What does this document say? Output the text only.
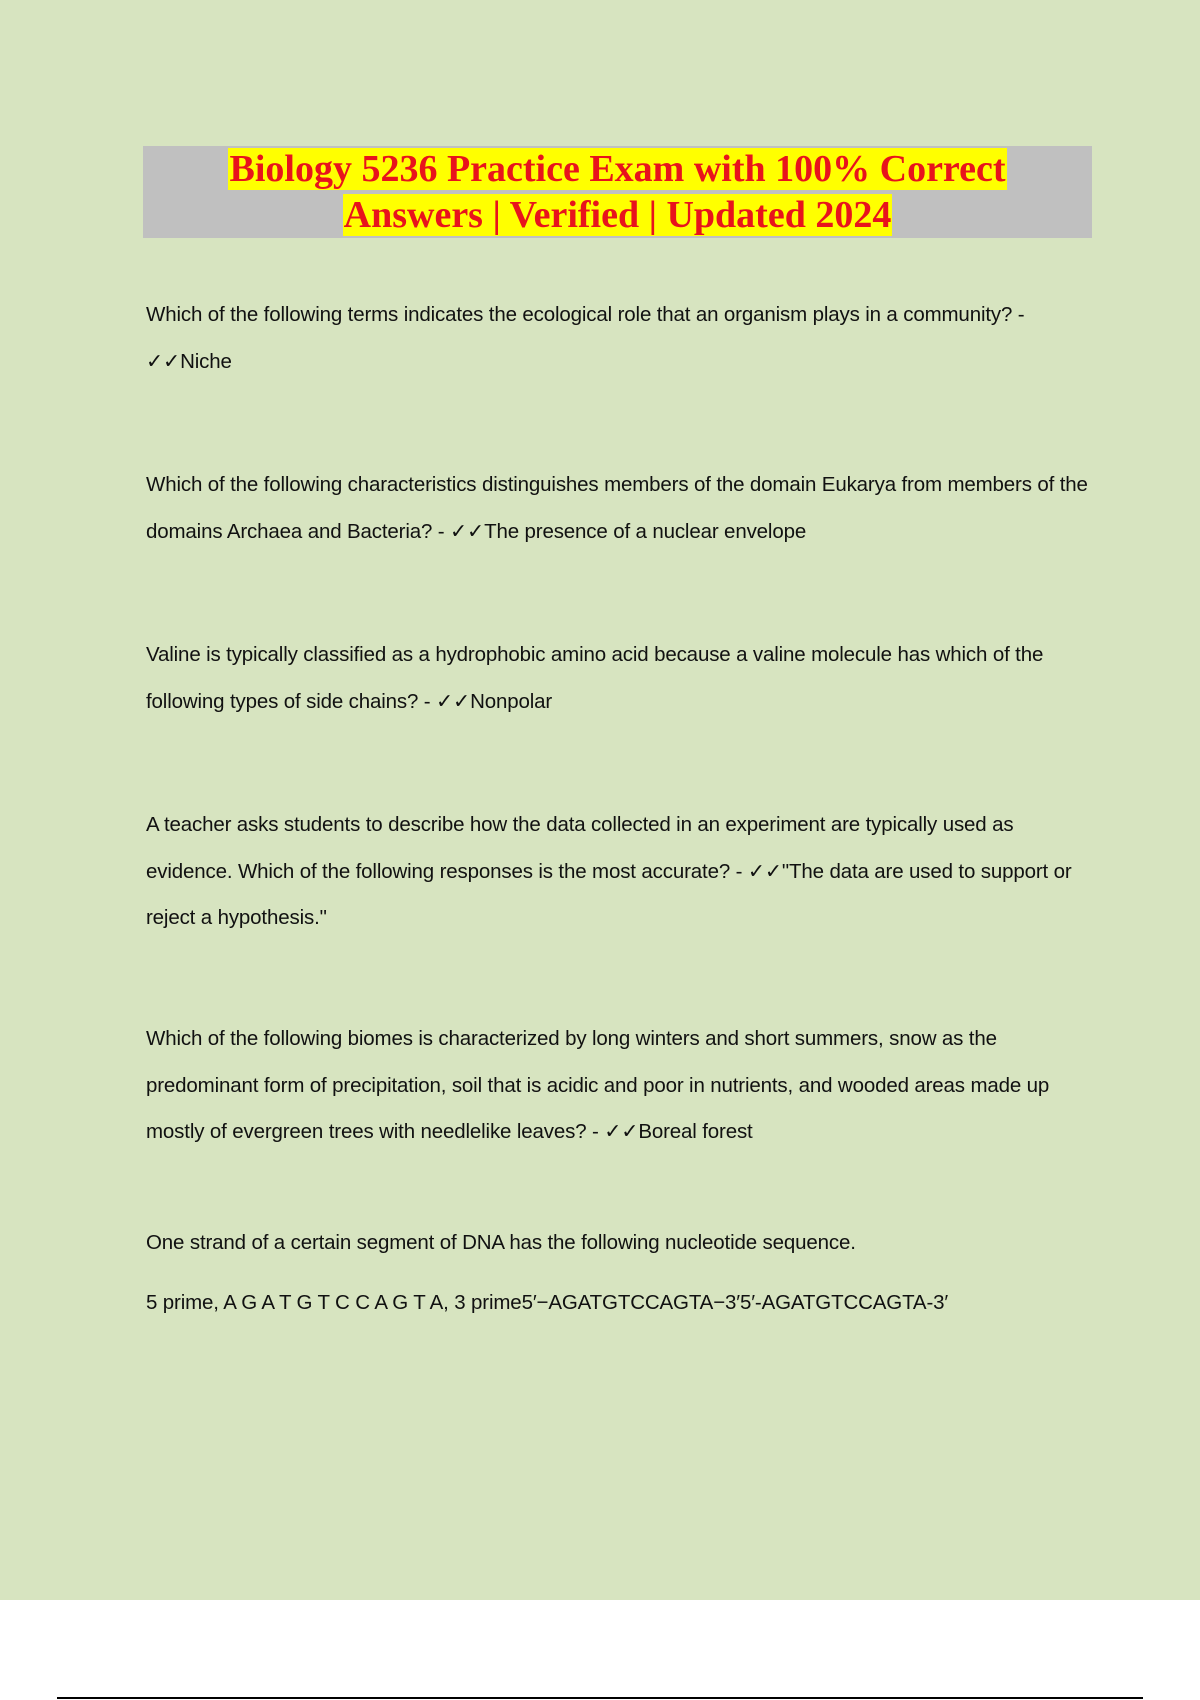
Biology 5236 Practice Exam with 100% Correct
Answers | Verified | Updated 2024

Which of the following terms indicates the ecological role that an organism plays in a community? - ✓✓Niche

Which of the following characteristics distinguishes members of the domain Eukarya from members of the domains Archaea and Bacteria? - ✓✓The presence of a nuclear envelope

Valine is typically classified as a hydrophobic amino acid because a valine molecule has which of the following types of side chains? - ✓✓Nonpolar

A teacher asks students to describe how the data collected in an experiment are typically used as evidence. Which of the following responses is the most accurate? - ✓✓"The data are used to support or reject a hypothesis."

Which of the following biomes is characterized by long winters and short summers, snow as the predominant form of precipitation, soil that is acidic and poor in nutrients, and wooded areas made up mostly of evergreen trees with needlelike leaves? - ✓✓Boreal forest

One strand of a certain segment of DNA has the following nucleotide sequence.

5 prime, A G A T G T C C A G T A, 3 prime5′−AGATGTCCAGTA−3′5′-AGATGTCCAGTA-3′
